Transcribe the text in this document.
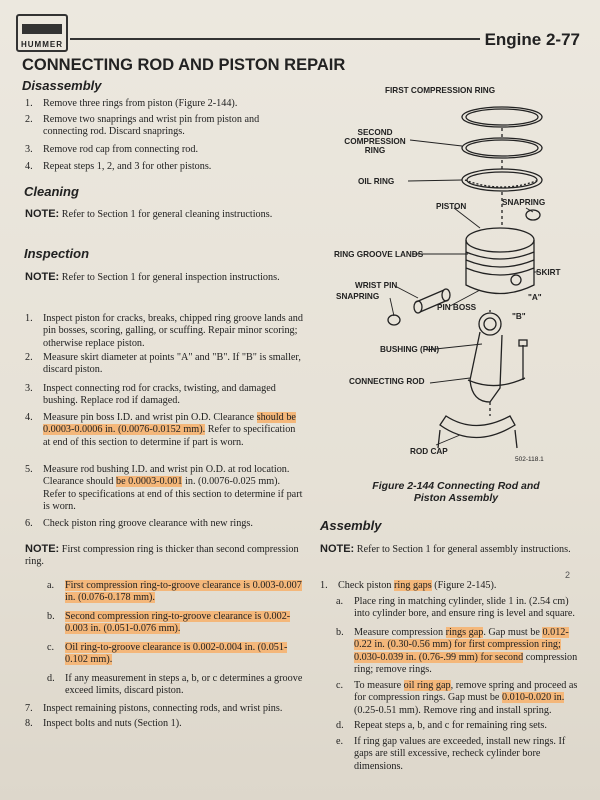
HUMMER	Engine 2-77
CONNECTING ROD AND PISTON REPAIR
Disassembly
1. Remove three rings from piston (Figure 2-144).
2. Remove two snaprings and wrist pin from piston and connecting rod. Discard snaprings.
3. Remove rod cap from connecting rod.
4. Repeat steps 1, 2, and 3 for other pistons.
Cleaning
NOTE: Refer to Section 1 for general cleaning instructions.
Inspection
NOTE: Refer to Section 1 for general inspection instructions.
1. Inspect piston for cracks, breaks, chipped ring groove lands and pin bosses, scoring, galling, or scuffing. Repair minor scoring; otherwise replace piston.
2. Measure skirt diameter at points "A" and "B". If "B" is smaller, discard piston.
3. Inspect connecting rod for cracks, twisting, and damaged bushing. Replace rod if damaged.
4. Measure pin boss I.D. and wrist pin O.D. Clearance should be 0.0003-0.0006 in. (0.0076-0.0152 mm). Refer to specification at end of this section to determine if part is worn.
5. Measure rod bushing I.D. and wrist pin O.D. at rod location. Clearance should be 0.0003-0.001 in. (0.0076-0.025 mm). Refer to specifications at end of this section to determine if part is worn.
6. Check piston ring groove clearance with new rings.
NOTE: First compression ring is thicker than second compression ring.
a. First compression ring-to-groove clearance is 0.003-0.007 in. (0.076-0.178 mm).
b. Second compression ring-to-groove clearance is 0.002- 0.003 in. (0.051-0.076 mm).
c. Oil ring-to-groove clearance is 0.002-0.004 in. (0.051-0.102 mm).
d. If any measurement in steps a, b, or c determines a groove exceed limits, discard piston.
7. Inspect remaining pistons, connecting rods, and wrist pins.
8. Inspect bolts and nuts (Section 1).
FIRST COMPRESSION RING
SECOND COMPRESSION RING
OIL RING
PISTON	SNAPRING
RING GROOVE LANDS
SKIRT
WRIST PIN
SNAPRING	"A"
PIN BOSS
"B"
BUSHING (PIN)
CONNECTING ROD
ROD CAP
502-118.1
Figure 2-144 Connecting Rod and Piston Assembly
Assembly
NOTE: Refer to Section 1 for general assembly instructions.
2
1. Check piston ring gaps (Figure 2-145).
a. Place ring in matching cylinder, slide 1 in. (2.54 cm) into cylinder bore, and ensure ring is level and square.
b. Measure compression rings gap. Gap must be 0.012-0.22 in. (0.30-0.56 mm) for first compression ring; 0.030-0.039 in. (0.76-.99 mm) for second compression ring; remove rings.
c. To measure oil ring gap, remove spring and proceed as for compression rings. Gap must be 0.010-0.020 in. (0.25-0.51 mm). Remove ring and install spring.
d. Repeat steps a, b, and c for remaining ring sets.
e. If ring gap values are exceeded, install new rings. If gaps are still excessive, recheck cylinder bore dimensions.
